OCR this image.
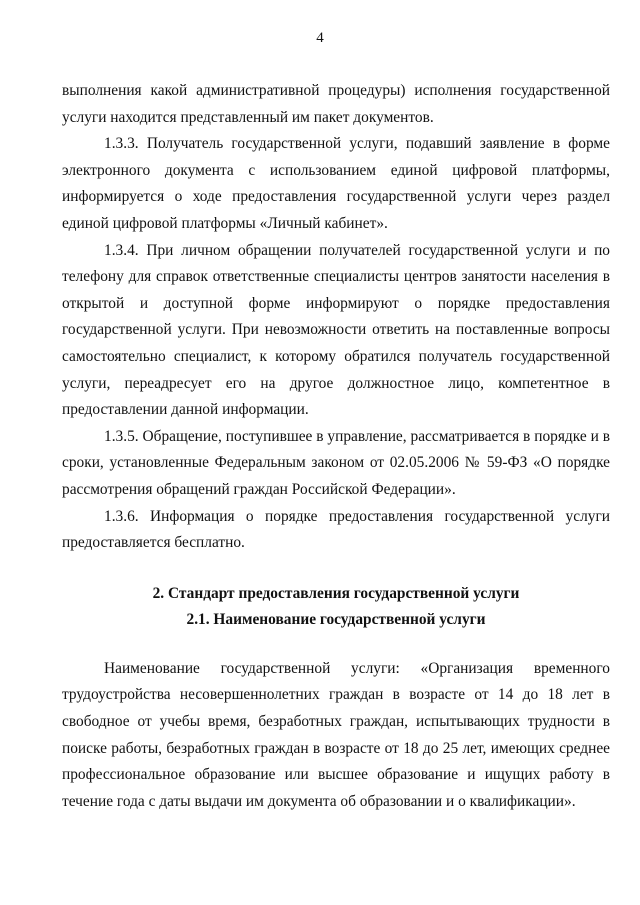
4

выполнения какой административной процедуры) исполнения государственной услуги находится представленный им пакет документов.

1.3.3. Получатель государственной услуги, подавший заявление в форме электронного документа с использованием единой цифровой платформы, информируется о ходе предоставления государственной услуги через раздел единой цифровой платформы «Личный кабинет».

1.3.4. При личном обращении получателей государственной услуги и по телефону для справок ответственные специалисты центров занятости населения в открытой и доступной форме информируют о порядке предоставления государственной услуги. При невозможности ответить на поставленные вопросы самостоятельно специалист, к которому обратился получатель государственной услуги, переадресует его на другое должностное лицо, компетентное в предоставлении данной информации.

1.3.5. Обращение, поступившее в управление, рассматривается в порядке и в сроки, установленные Федеральным законом от 02.05.2006 № 59-ФЗ «О порядке рассмотрения обращений граждан Российской Федерации».

1.3.6. Информация о порядке предоставления государственной услуги предоставляется бесплатно.

2. Стандарт предоставления государственной услуги

2.1. Наименование государственной услуги

Наименование государственной услуги: «Организация временного трудоустройства несовершеннолетних граждан в возрасте от 14 до 18 лет в свободное от учебы время, безработных граждан, испытывающих трудности в поиске работы, безработных граждан в возрасте от 18 до 25 лет, имеющих среднее профессиональное образование или высшее образование и ищущих работу в течение года с даты выдачи им документа об образовании и о квалификации».
